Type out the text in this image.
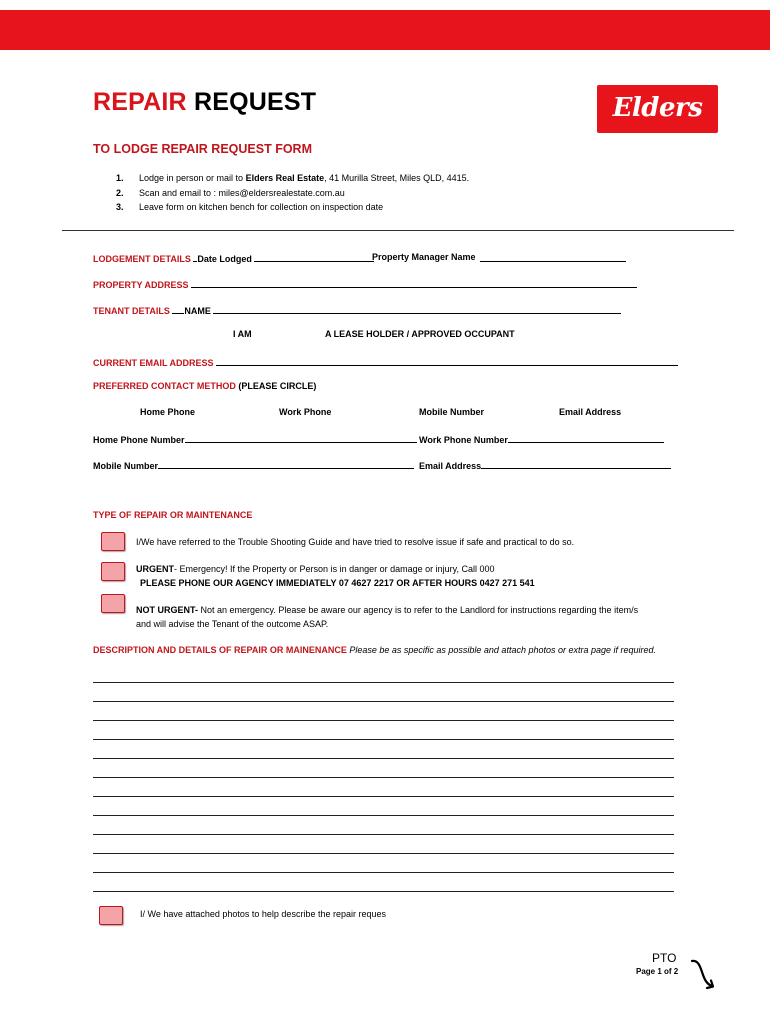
REPAIR REQUEST	Elders
TO LODGE REPAIR REQUEST FORM
1. Lodge in person or mail to Elders Real Estate, 41 Murilla Street, Miles QLD, 4415.
2. Scan and email to : miles@eldersrealestate.com.au
3. Leave form on kitchen bench for collection on inspection date
LODGEMENT DETAILS Date Lodged	Property Manager Name
PROPERTY ADDRESS
TENANT DETAILS NAME
I AM	A LEASE HOLDER / APPROVED OCCUPANT
CURRENT EMAIL ADDRESS
PREFERRED CONTACT METHOD (PLEASE CIRCLE)
Home Phone	Work Phone	Mobile Number	Email Address
Home Phone Number	Work Phone Number
Mobile Number	Email Address
TYPE OF REPAIR OR MAINTENANCE
I/We have referred to the Trouble Shooting Guide and have tried to resolve issue if safe and practical to do so.
URGENT- Emergency! If the Property or Person is in danger or damage or injury, Call 000
PLEASE PHONE OUR AGENCY IMMEDIATELY 07 4627 2217 OR AFTER HOURS 0427 271 541
NOT URGENT- Not an emergency. Please be aware our agency is to refer to the Landlord for instructions regarding the item/s
and will advise the Tenant of the outcome ASAP.
DESCRIPTION AND DETAILS OF REPAIR OR MAINENANCE Please be as specific as possible and attach photos or extra page if required.
I/ We have attached photos to help describe the repair reques
PTO
Page 1 of 2
